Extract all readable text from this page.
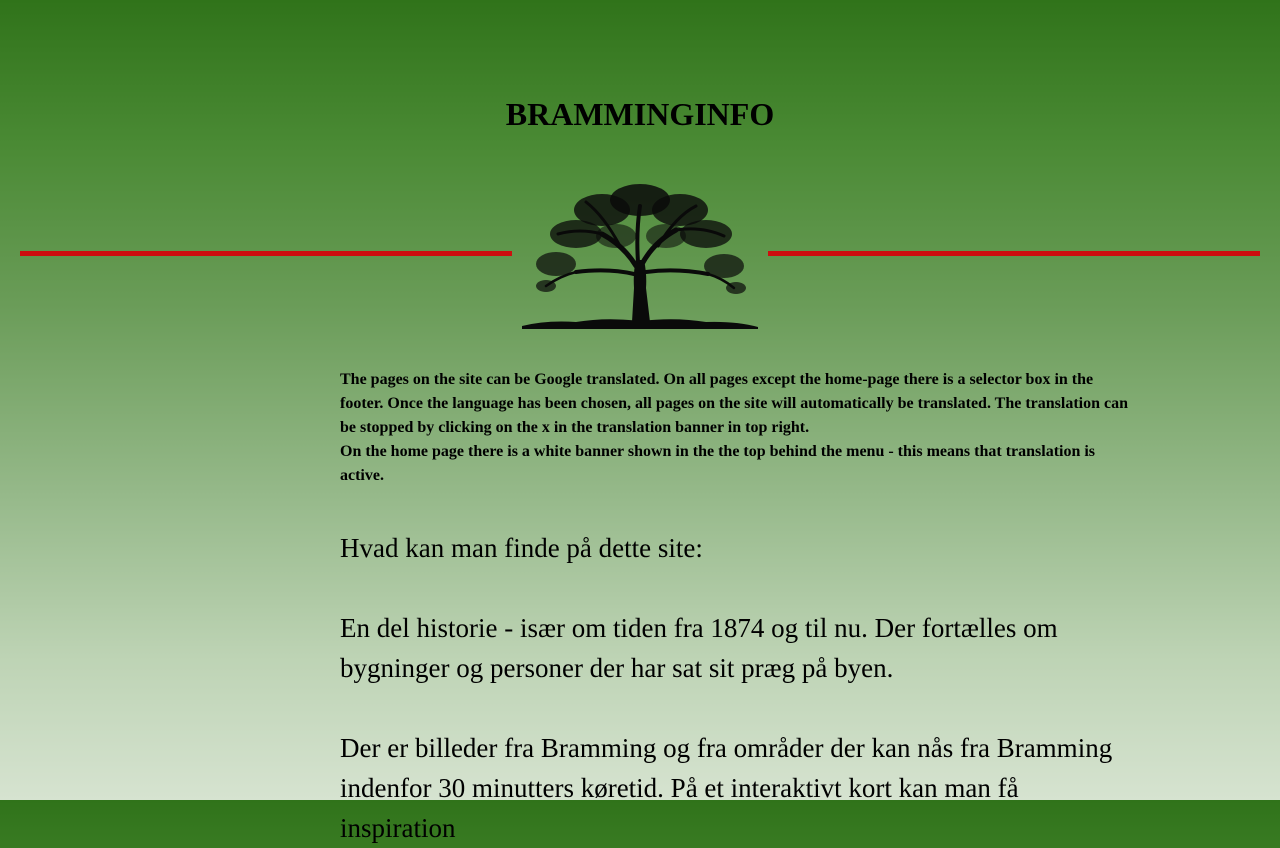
BRAMMINGINFO

The pages on the site can be Google translated. On all pages except the home-page there is a selector box in the footer. Once the language has been chosen, all pages on the site will automatically be translated. The translation can be stopped by clicking on the x in the translation banner in top right.

On the home page there is a white banner shown in the the top behind the menu - this means that translation is active.

Hvad kan man finde på dette site:

En del historie - især om tiden fra 1874 og til nu. Der fortælles om bygninger og personer der har sat sit præg på byen.

Der er billeder fra Bramming og fra områder der kan nås fra Bramming indenfor 30 minutters køretid. På et interaktivt kort kan man få inspiration
